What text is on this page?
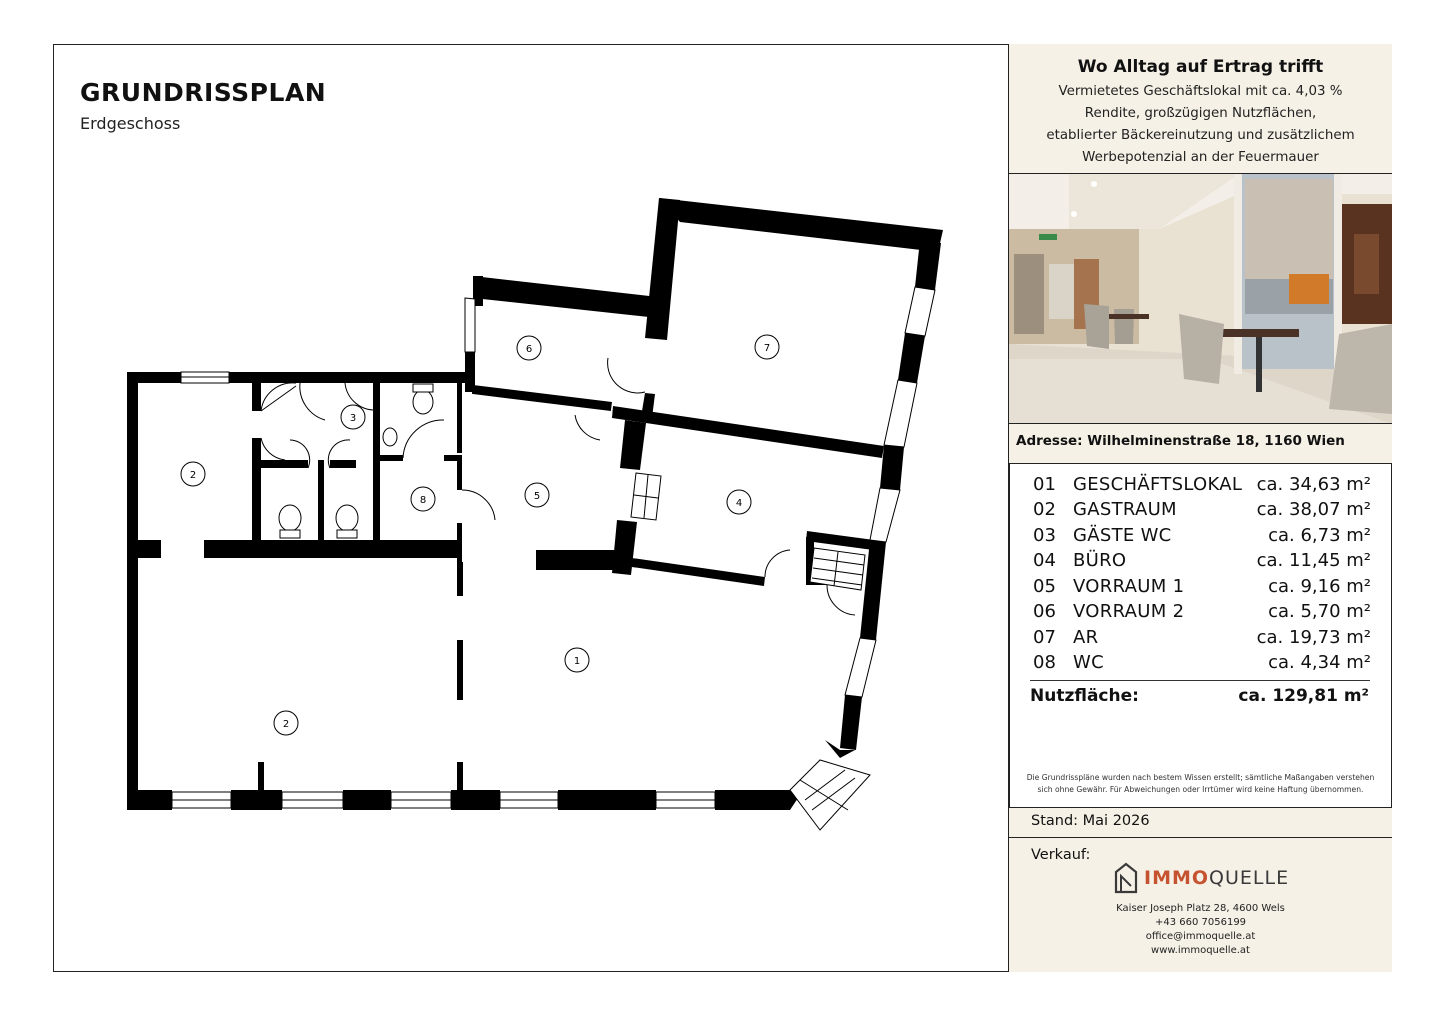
GRUNDRISSPLAN
Erdgeschoss
2
3
6	7
8	5
4
1
2
Wo Alltag auf Ertrag trifft

Vermietetes Geschäftslokal mit ca. 4,03 %

Rendite, großzügigen Nutzflächen,

etablierter Bäckereinutzung und zusätzlichem

Werbepotenzial an der Feuermauer

Adresse: Wilhelminenstraße 18, 1160 Wien
01 GESCHÄFTSLOKAL ca. 34,63 m²
02 GASTRAUM	ca. 38,07 m²
03 GÄSTE WC	ca. 6,73 m²
04 BÜRO	ca. 11,45 m²
05 VORRAUM 1	ca. 9,16 m²
06 VORRAUM 2	ca. 5,70 m²
07 AR	ca. 19,73 m²
08 WC	ca. 4,34 m²
Nutzfläche:	ca. 129,81 m²
Die Grundrisspläne wurden nach bestem Wissen erstellt; sämtliche Maßangaben verstehen
sich ohne Gewähr. Für Abweichungen oder Irrtümer wird keine Haftung übernommen.
Stand: Mai 2026
Verkauf:
IMMOQUELLE
Kaiser Joseph Platz 28, 4600 Wels
+43 660 7056199
office@immoquelle.at
www.immoquelle.at
